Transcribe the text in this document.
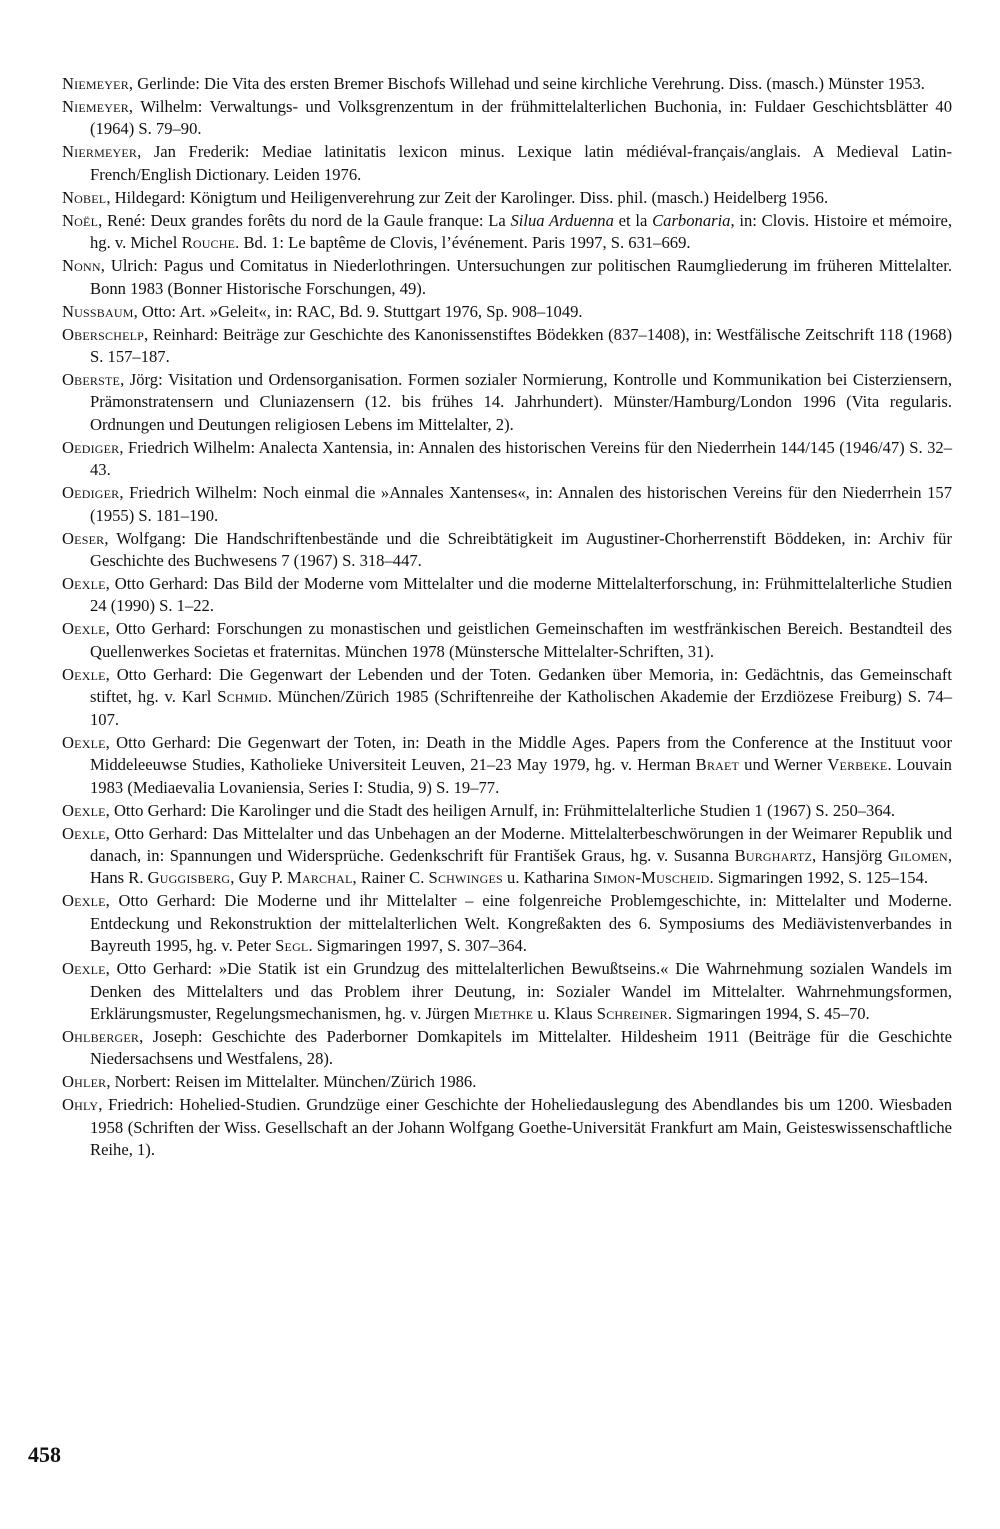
Niemeyer, Gerlinde: Die Vita des ersten Bremer Bischofs Willehad und seine kirchliche Verehrung. Diss. (masch.) Münster 1953.

Niemeyer, Wilhelm: Verwaltungs- und Volksgrenzentum in der frühmittelalterlichen Buchonia, in: Fuldaer Geschichtsblätter 40 (1964) S. 79–90.

Niermeyer, Jan Frederik: Mediae latinitatis lexicon minus. Lexique latin médiéval-français/anglais. A Medieval Latin-French/English Dictionary. Leiden 1976.

Nobel, Hildegard: Königtum und Heiligenverehrung zur Zeit der Karolinger. Diss. phil. (masch.) Heidelberg 1956.

Noël, René: Deux grandes forêts du nord de la Gaule franque: La Silua Arduenna et la Carbonaria, in: Clovis. Histoire et mémoire, hg. v. Michel Rouche. Bd. 1: Le baptême de Clovis, l’événement. Paris 1997, S. 631–669.

Nonn, Ulrich: Pagus und Comitatus in Niederlothringen. Untersuchungen zur politischen Raumgliederung im früheren Mittelalter. Bonn 1983 (Bonner Historische Forschungen, 49).

Nussbaum, Otto: Art. »Geleit«, in: RAC, Bd. 9. Stuttgart 1976, Sp. 908–1049.

Oberschelp, Reinhard: Beiträge zur Geschichte des Kanonissenstiftes Bödekken (837–1408), in: Westfälische Zeitschrift 118 (1968) S. 157–187.

Oberste, Jörg: Visitation und Ordensorganisation. Formen sozialer Normierung, Kontrolle und Kommunikation bei Cisterziensern, Prämonstratensern und Cluniazensern (12. bis frühes 14. Jahrhundert). Münster/Hamburg/London 1996 (Vita regularis. Ordnungen und Deutungen religiosen Lebens im Mittelalter, 2).

Oediger, Friedrich Wilhelm: Analecta Xantensia, in: Annalen des historischen Vereins für den Niederrhein 144/145 (1946/47) S. 32–43.

Oediger, Friedrich Wilhelm: Noch einmal die »Annales Xantenses«, in: Annalen des historischen Vereins für den Niederrhein 157 (1955) S. 181–190.

Oeser, Wolfgang: Die Handschriftenbestände und die Schreibtätigkeit im Augustiner-Chorherrenstift Böddeken, in: Archiv für Geschichte des Buchwesens 7 (1967) S. 318–447.

Oexle, Otto Gerhard: Das Bild der Moderne vom Mittelalter und die moderne Mittelalterforschung, in: Frühmittelalterliche Studien 24 (1990) S. 1–22.

Oexle, Otto Gerhard: Forschungen zu monastischen und geistlichen Gemeinschaften im westfränkischen Bereich. Bestandteil des Quellenwerkes Societas et fraternitas. München 1978 (Münstersche Mittelalter-Schriften, 31).

Oexle, Otto Gerhard: Die Gegenwart der Lebenden und der Toten. Gedanken über Memoria, in: Gedächtnis, das Gemeinschaft stiftet, hg. v. Karl Schmid. München/Zürich 1985 (Schriftenreihe der Katholischen Akademie der Erzdiözese Freiburg) S. 74–107.

Oexle, Otto Gerhard: Die Gegenwart der Toten, in: Death in the Middle Ages. Papers from the Conference at the Instituut voor Middeleeuwse Studies, Katholieke Universiteit Leuven, 21–23 May 1979, hg. v. Herman Braet und Werner Verbeke. Louvain 1983 (Mediaevalia Lovaniensia, Series I: Studia, 9) S. 19–77.

Oexle, Otto Gerhard: Die Karolinger und die Stadt des heiligen Arnulf, in: Frühmittelalterliche Studien 1 (1967) S. 250–364.

Oexle, Otto Gerhard: Das Mittelalter und das Unbehagen an der Moderne. Mittelalterbeschwörungen in der Weimarer Republik und danach, in: Spannungen und Widersprüche. Gedenkschrift für František Graus, hg. v. Susanna Burghartz, Hansjörg Gilomen, Hans R. Guggisberg, Guy P. Marchal, Rainer C. Schwinges u. Katharina Simon-Muscheid. Sigmaringen 1992, S. 125–154.

Oexle, Otto Gerhard: Die Moderne und ihr Mittelalter – eine folgenreiche Problemgeschichte, in: Mittelalter und Moderne. Entdeckung und Rekonstruktion der mittelalterlichen Welt. Kongreßakten des 6. Symposiums des Mediävistenverbandes in Bayreuth 1995, hg. v. Peter Segl. Sigmaringen 1997, S. 307–364.

Oexle, Otto Gerhard: »Die Statik ist ein Grundzug des mittelalterlichen Bewußtseins.« Die Wahrnehmung sozialen Wandels im Denken des Mittelalters und das Problem ihrer Deutung, in: Sozialer Wandel im Mittelalter. Wahrnehmungsformen, Erklärungsmuster, Regelungsmechanismen, hg. v. Jürgen Miethke u. Klaus Schreiner. Sigmaringen 1994, S. 45–70.

Ohlberger, Joseph: Geschichte des Paderborner Domkapitels im Mittelalter. Hildesheim 1911 (Beiträge für die Geschichte Niedersachsens und Westfalens, 28).

Ohler, Norbert: Reisen im Mittelalter. München/Zürich 1986.

Ohly, Friedrich: Hohelied-Studien. Grundzüge einer Geschichte der Hoheliedauslegung des Abendlandes bis um 1200. Wiesbaden 1958 (Schriften der Wiss. Gesellschaft an der Johann Wolfgang Goethe-Universität Frankfurt am Main, Geisteswissenschaftliche Reihe, 1).

458
